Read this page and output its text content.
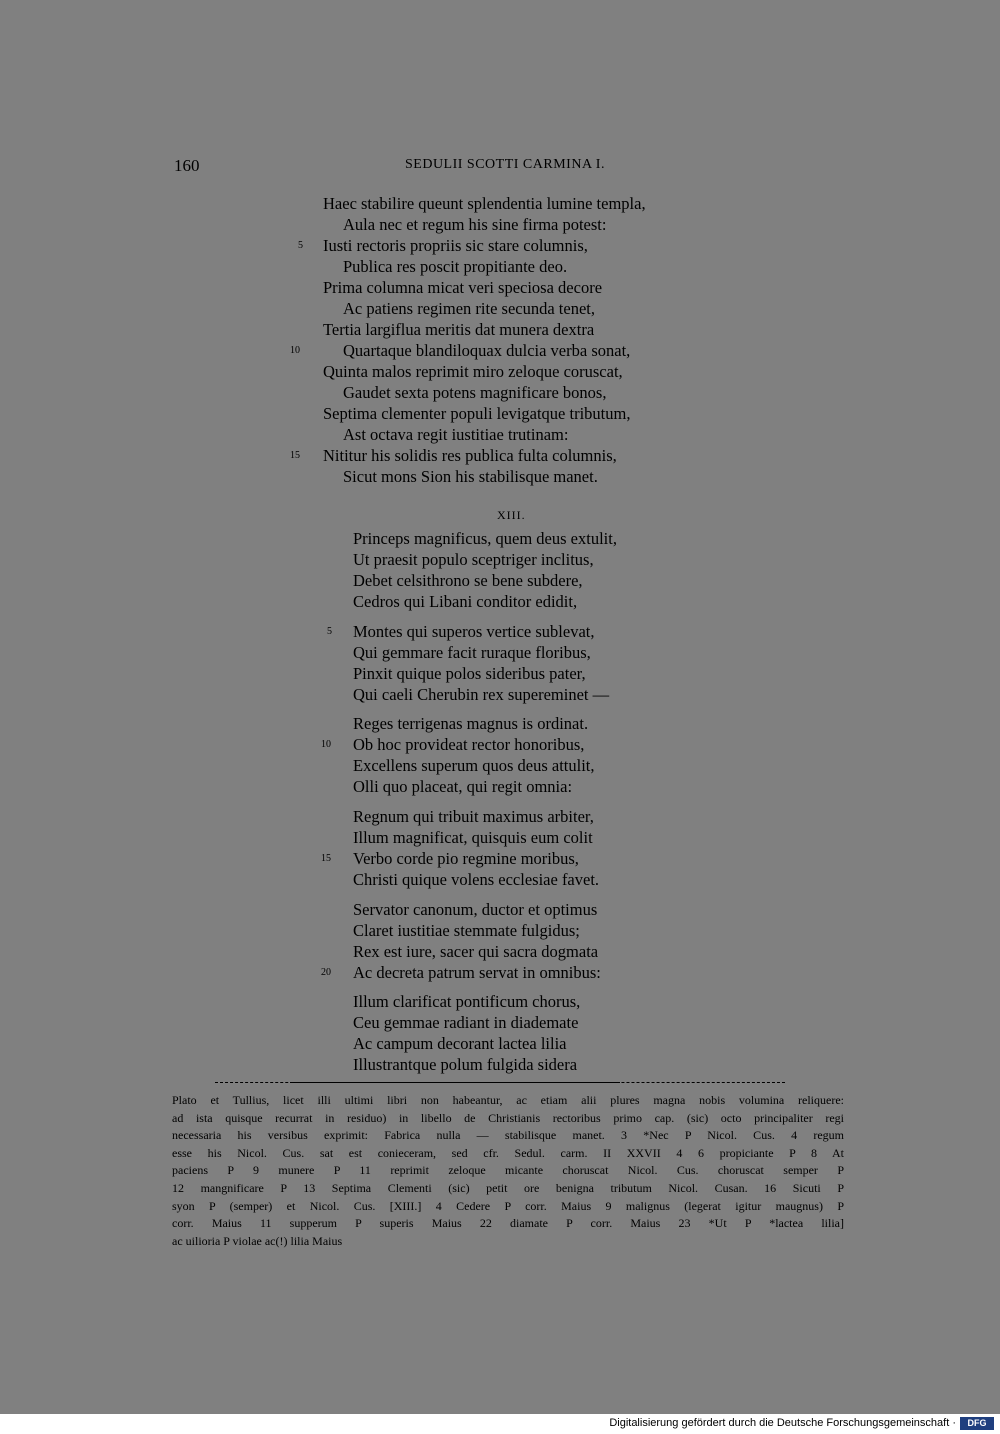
160	SEDULII SCOTTI CARMINA I.
Haec stabilire queunt splendentia lumine templa,
Aula nec et regum his sine firma potest:
Iusti rectoris propriis sic stare columnis,
Publica res poscit propitiante deo.
Prima columna micat veri speciosa decore
Ac patiens regimen rite secunda tenet,
Tertia largiflua meritis dat munera dextra
Quartaque blandiloquax dulcia verba sonat,
Quinta malos reprimit miro zeloque coruscat,
Gaudet sexta potens magnificare bonos,
Septima clementer populi levigatque tributum,
Ast octava regit iustitiae trutinam:
Nititur his solidis res publica fulta columnis,
Sicut mons Sion his stabilisque manet.
5
10
15
XIII.
Princeps magnificus, quem deus extulit,
Ut praesit populo sceptriger inclitus,
Debet celsithrono se bene subdere,
Cedros qui Libani conditor edidit,
Montes qui superos vertice sublevat,
Qui gemmare facit ruraque floribus,
Pinxit quique polos sideribus pater,
Qui caeli Cherubin rex supereminet —
Reges terrigenas magnus is ordinat.
Ob hoc provideat rector honoribus,
Excellens superum quos deus attulit,
Olli quo placeat, qui regit omnia:
Regnum qui tribuit maximus arbiter,
Illum magnificat, quisquis eum colit
Verbo corde pio regmine moribus,
Christi quique volens ecclesiae favet.
Servator canonum, ductor et optimus
Claret iustitiae stemmate fulgidus;
Rex est iure, sacer qui sacra dogmata
Ac decreta patrum servat in omnibus:
Illum clarificat pontificum chorus,
Ceu gemmae radiant in diademate
Ac campum decorant lactea lilia
Illustrantque polum fulgida sidera
5
10
15
20
Plato et Tullius, licet illi ultimi libri non habeantur, ac etiam alii plures magna nobis volumina reliquere:
ad ista quisque recurrat in residuo) in libello de Christianis rectoribus primo cap. (sic) octo principaliter regi
necessaria his versibus exprimit: Fabrica nulla — stabilisque manet. 3 *Nec P Nicol. Cus. 4 regum
esse his Nicol. Cus. sat est conieceram, sed cfr. Sedul. carm. II XXVII 4 6 propiciante P 8 At
paciens P 9 munere P 11 reprimit zeloque micante choruscat Nicol. Cus. choruscat semper P
12 mangnificare P 13 Septima Clementi (sic) petit ore benigna tributum Nicol. Cusan. 16 Sicuti P
syon P (semper) et Nicol. Cus. [XIII.] 4 Cedere P corr. Maius 9 malignus (legerat igitur maugnus) P
corr. Maius 11 supperum P superis Maius 22 diamate P corr. Maius 23 *Ut P *lactea lilia]
ac uilioria P violae ac(!) lilia Maius
Digitalisierung gefördert durch die Deutsche Forschungsgemeinschaft ·	DFG
